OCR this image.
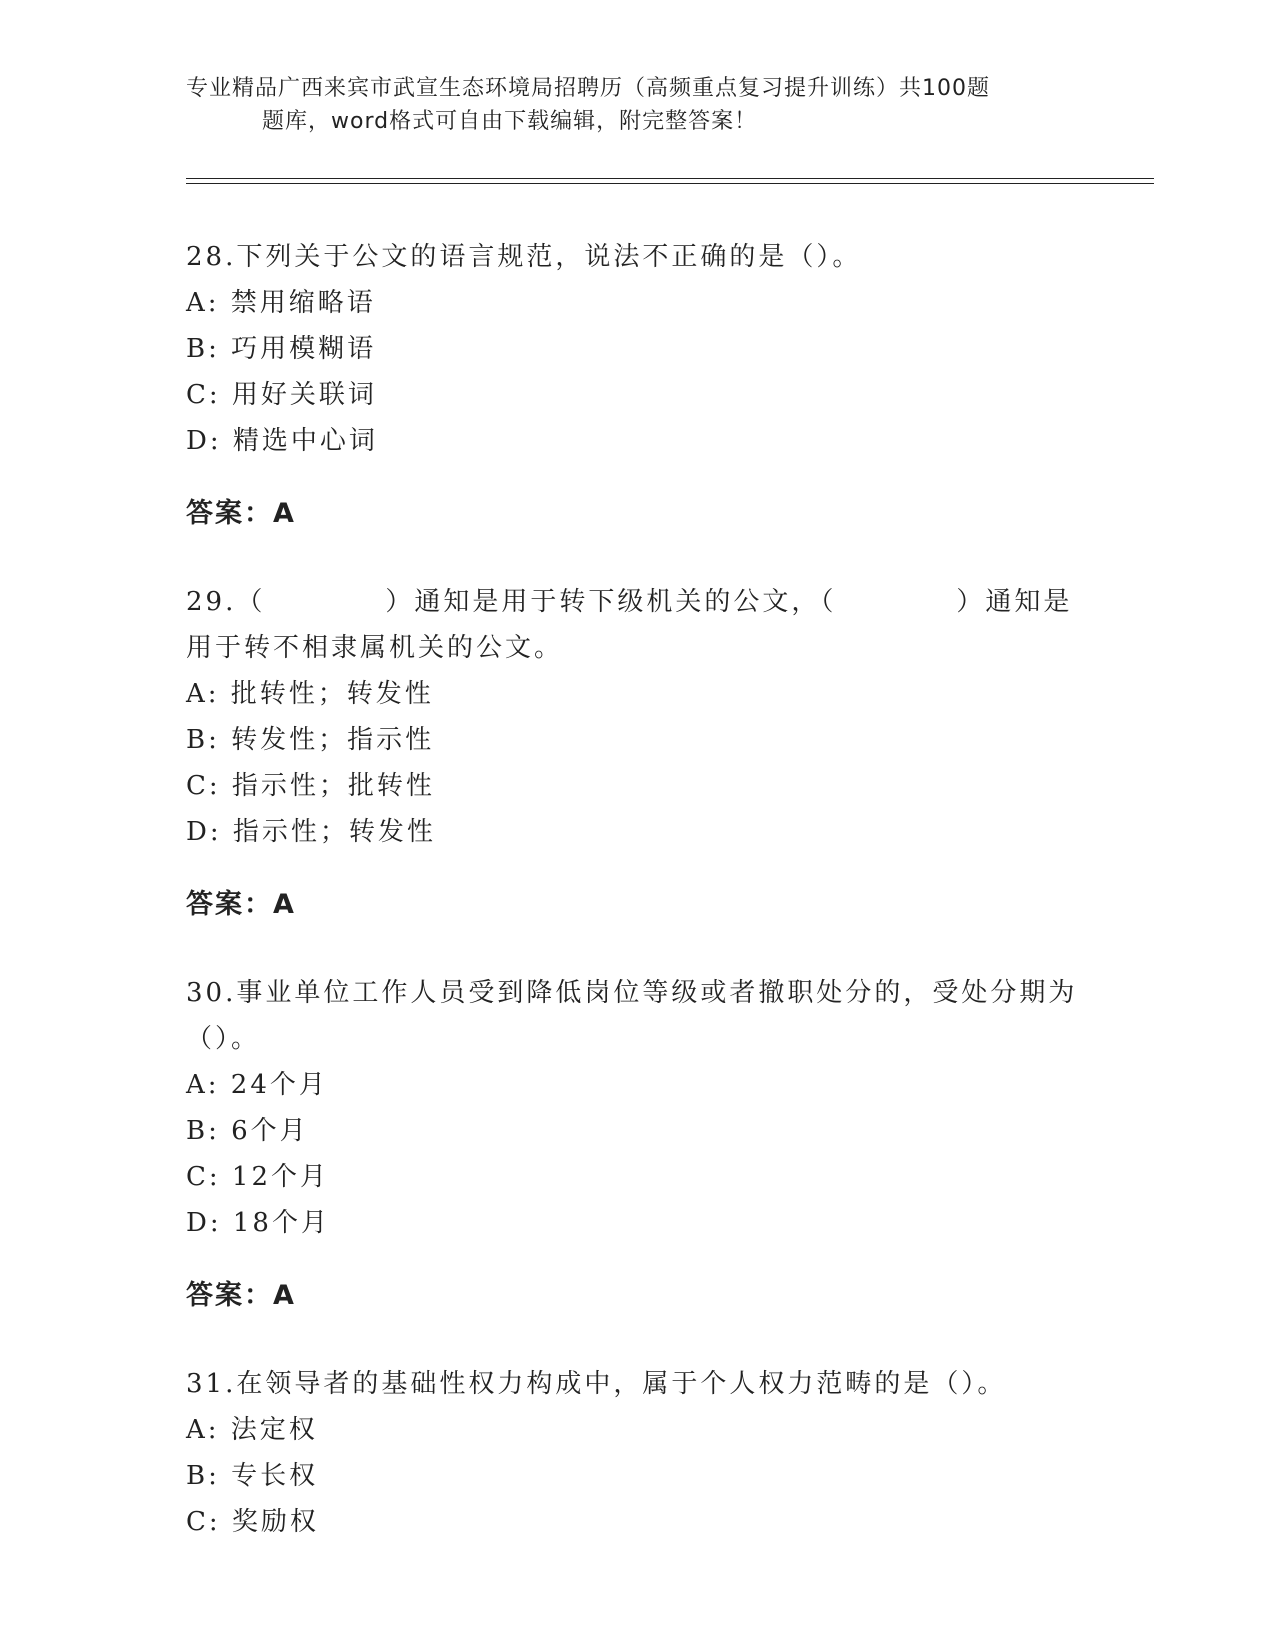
专业精品广西来宾市武宣生态环境局招聘历（高频重点复习提升训练）共100题
题库，word格式可自由下载编辑，附完整答案！

28.下列关于公文的语言规范，说法不正确的是（）。

A: 禁用缩略语

B: 巧用模糊语

C: 用好关联词

D: 精选中心词

答案：A

29.（	）通知是用于转下级机关的公文，（	）通知是用于转不相隶属机关的公文。

A: 批转性；转发性

B: 转发性；指示性

C: 指示性；批转性

D: 指示性；转发性

答案：A

30.事业单位工作人员受到降低岗位等级或者撤职处分的，受处分期为（）。

A: 24个月

B: 6个月

C: 12个月

D: 18个月

答案：A

31.在领导者的基础性权力构成中，属于个人权力范畴的是（）。

A: 法定权

B: 专长权

C: 奖励权
